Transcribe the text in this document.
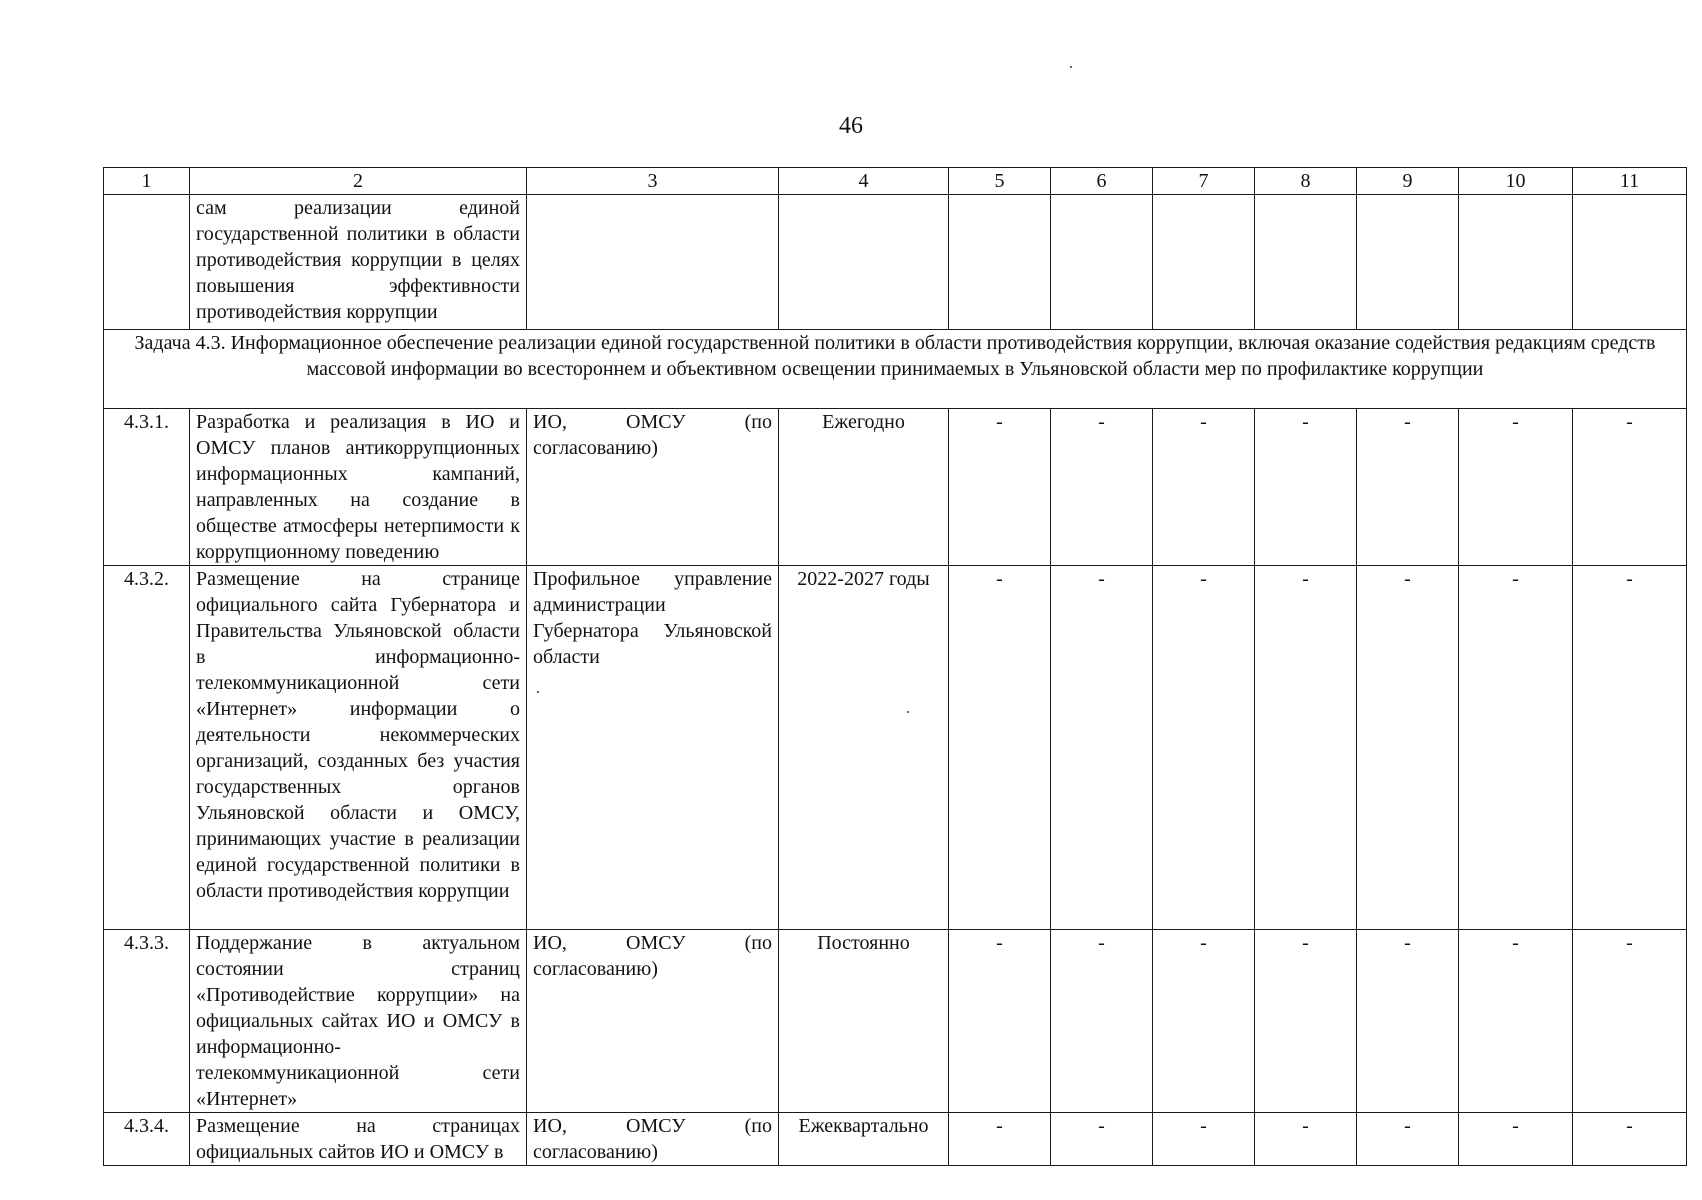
46
1	2	3	4	5	6	7	8	9	10	11
	сам реализации единой государственной политики в области противодействия коррупции в целях повышения эффективности противодействия коррупции									
Задача 4.3. Информационное обеспечение реализации единой государственной политики в области противодействия коррупции, включая оказание содействия редакциям средств массовой информации во всестороннем и объективном освещении принимаемых в Ульяновской области мер по профилактике коррупции										
4.3.1.	Разработка и реализация в ИО и ОМСУ планов антикоррупционных информационных кампаний, направленных на создание в обществе атмосферы нетерпимости к коррупционному поведению	ИО, ОМСУ (по согласованию)	Ежегодно	-	-	-	-	-	-	-
4.3.2.	Размещение на странице официального сайта Губернатора и Правительства Ульяновской области в информационно-телекоммуникационной сети «Интернет» информации о деятельности некоммерческих организаций, созданных без участия государственных органов Ульяновской области и ОМСУ, принимающих участие в реализации единой государственной политики в области противодействия коррупции	Профильное управление администрации Губернатора Ульяновской области	2022-2027 годы	-	-	-	-	-	-	-
4.3.3.	Поддержание в актуальном состоянии страниц «Противодействие коррупции» на официальных сайтах ИО и ОМСУ в информационно-телекоммуникационной сети «Интернет»	ИО, ОМСУ (по согласованию)	Постоянно	-	-	-	-	-	-	-
4.3.4.	Размещение на страницах официальных сайтов ИО и ОМСУ в	ИО, ОМСУ (по согласованию)	Ежеквартально	-	-	-	-	-	-	-
